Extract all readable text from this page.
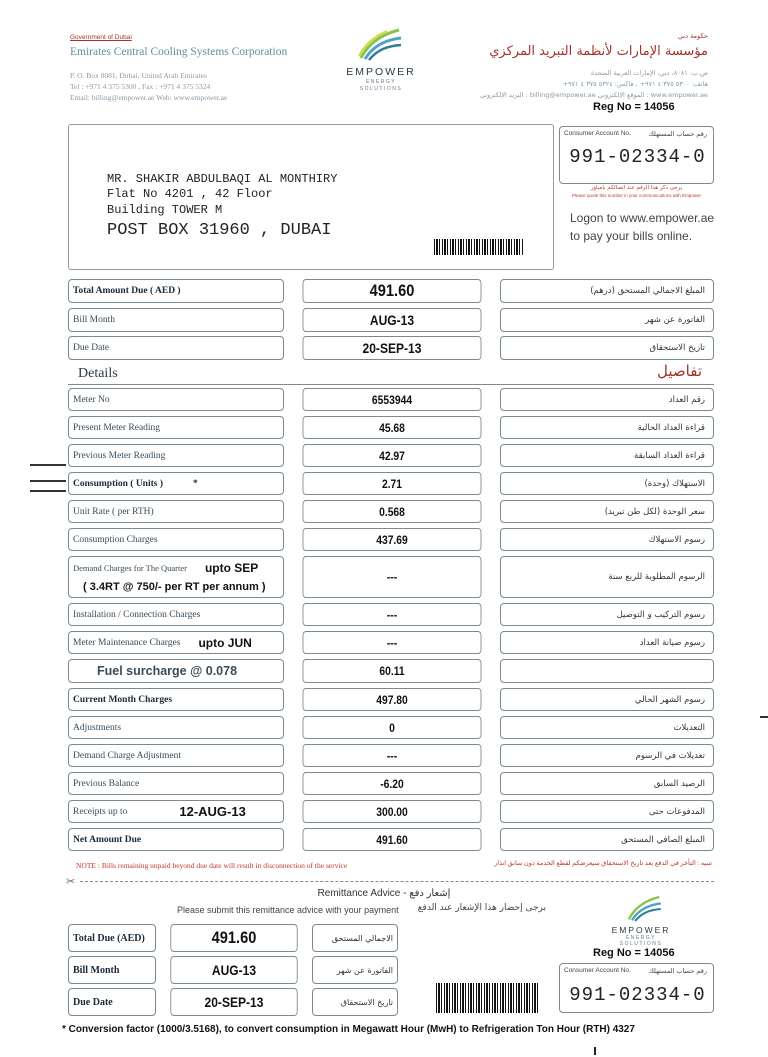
Government of Dubai
Emirates Central Cooling Systems Corporation
P. O. Box 8081, Dubai, United Arab Emirates
Tel : +971 4 375 5300 , Fax : +971 4 375 5324
Email: billing@empower.ae Web: www.empower.ae
EMPOWER
ENERGY
SOLUTIONS
حكومة دبي
مؤسسة الإمارات لأنظمة التبريد المركزي
ص.ب: ٨٠٨١، دبي، الإمارات العربية المتحدة
هاتف: ٥٣٠٠ ٣٧٥ ٤ ٩٧١+ ، فاكس: ٥٣٢٤ ٣٧٥ ٤ ٩٧١+
www.empower.ae : الموقع الإلكتروني billing@empower.ae : البريد الإلكتروني
Reg No = 14056
MR. SHAKIR ABDULBAQI AL MONTHIRY
Flat No 4201 , 42 Floor
Building TOWER M
POST BOX 31960 , DUBAI
Consumer Account No.	رقم حساب المستهلك
991-02334-0
يرجى ذكر هذا الرقم عند اتصالكم بامباور
Please quote this number in your communications with Empower
Logon to www.empower.ae
to pay your bills online.
Total Amount Due ( AED )	491.60	المبلغ الاجمالي المستحق (درهم)
Bill Month	AUG-13	الفاتورة عن شهر
Due Date	20-SEP-13	تاريخ الاستحقاق
Details	تفاصيل
Meter No	6553944	رقم العداد
Present Meter Reading	45.68	قراءة العداد الحالية
Previous Meter Reading	42.97	قراءة العداد السابقة
Consumption ( Units )	*	2.71	الاستهلاك (وحدة)
Unit Rate ( per RTH)	0.568	سعر الوحدة (لكل طن تبريد)
Consumption Charges	437.69	رسوم الاستهلاك
Demand Charges for The Quarter upto SEP
( 3.4RT @ 750/- per RT per annum )
---	الرسوم المطلوبة للربع سنة
Installation / Connection Charges	---	رسوم التركيب و التوصيل
Meter Maintenance Charges upto JUN	---	رسوم صيانة العداد
Fuel surcharge @ 0.078	60.11
Current Month Charges	497.80	رسوم الشهر الحالي
Adjustments	0	التعديلات
Demand Charge Adjustment	---	تعديلات في الرسوم
Previous Balance	-6.20	الرصيد السابق
Receipts up to	12-AUG-13	300.00	المدفوعات حتى
Net Amount Due	491.60	المبلغ الصافي المستحق
NOTE : Bills remaining unpaid beyond due date will result in disconnection of the service	تنبيه : التأخر في الدفع بعد تاريخ الاستحقاق سيعرضكم لقطع الخدمة دون سابق انذار
✂
Remittance Advice - إشعار دفع
Please submit this remittance advice with your payment برجى إحضار هذا الإشعار عند الدفع
Total Due (AED)	491.60	الاجمالي المستحق
Bill Month	AUG-13	الفاتورة عن شهر
Due Date	20-SEP-13	تاريخ الاستحقاق
EMPOWER
ENERGY
SOLUTIONS
Reg No = 14056
Consumer Account No.	رقم حساب المستهلك
991-02334-0
* Conversion factor (1000/3.5168), to convert consumption in Megawatt Hour (MwH) to Refrigeration Ton Hour (RTH) 4327
